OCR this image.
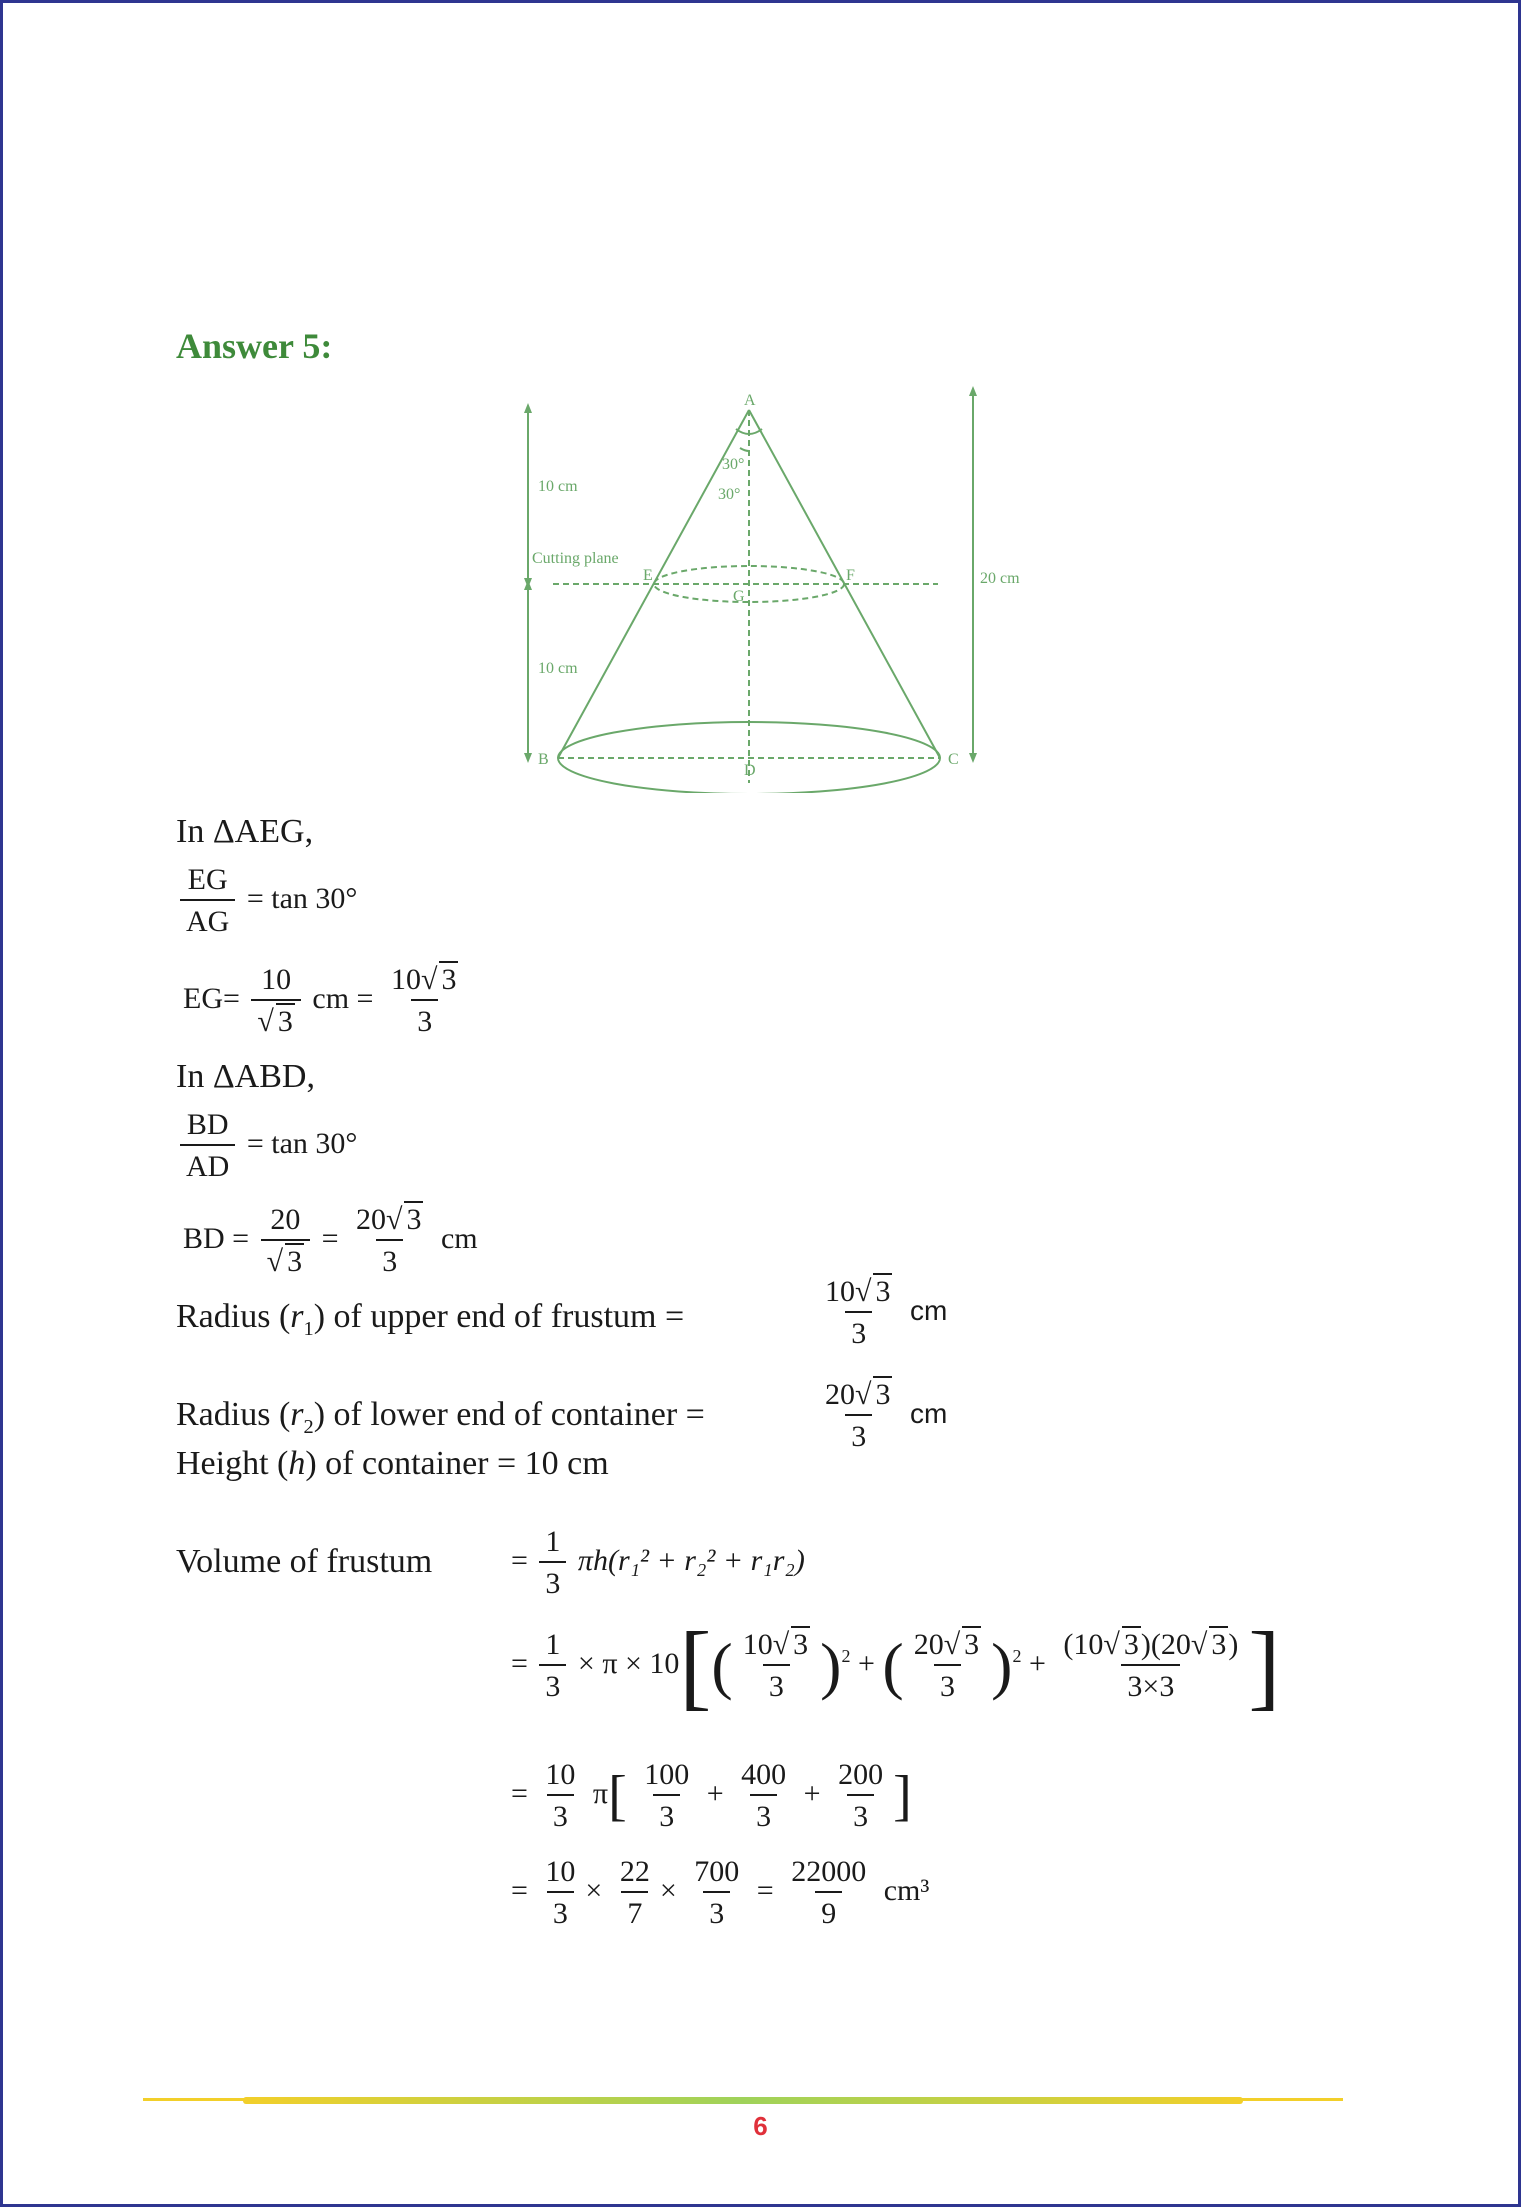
Answer 5:
A
B	C
D
E	F
G
30°
30°
10 cm
Cutting plane
10 cm
20 cm
In ΔAEG,
$\frac{EG}{AG} = \tan 30^\circ$
$EG= \frac{10}{√ 3}$ cm = $\frac{10√ 3}{3}$
In ΔABD,
$\frac{BD}{AD} = \tan 30^\circ$
BD = $\frac{20}{√ 3} = \frac{20√ 3}{3}$ cm
Radius $(r_1)$ of upper end of frustum =	$\frac{10√ 3}{3}$ cm
Radius $(r_2)$ of lower end of container =	$\frac{20√ 3}{3}$ cm
Height (h) of container = 10 cm
Volume of frustum	= $\frac{1}{3} \pi h(r_1^2 + r_2^2 + r_1r_2)$
= $\frac{1}{3} \times \pi \times 10[( \frac{10√ 3}{3} )^2$ + ( $\frac{20√ 3}{3} )^2 + \frac{(10√ 3)(20√ 3)}{3\times 3}$ ]
= $\frac{10}{3} \pi[ \frac{100}{3} + \frac{400}{3} + \frac{200}{3}$ ]
= $\frac{10}{3} \times \frac{22}{7} \times \frac{700}{3} = \frac{22000}{9} cm^3$
6
